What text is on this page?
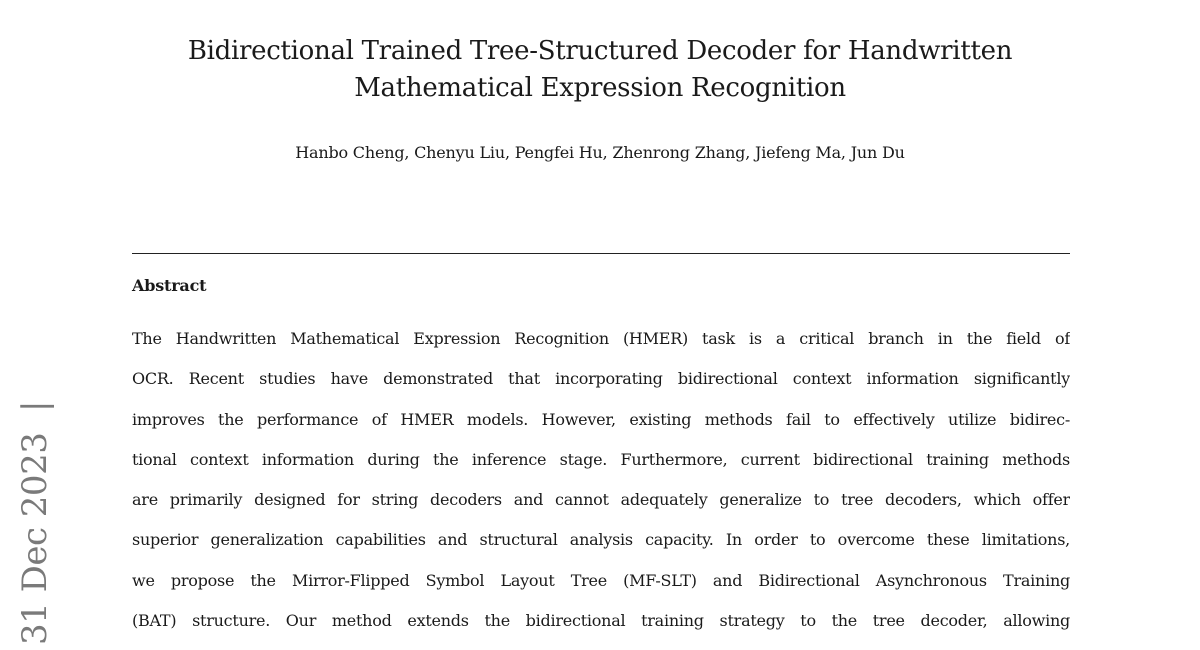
Bidirectional Trained Tree-Structured Decoder for Handwritten
Mathematical Expression Recognition
Hanbo Cheng, Chenyu Liu, Pengfei Hu, Zhenrong Zhang, Jiefeng Ma, Jun Du
Abstract
The Handwritten Mathematical Expression Recognition (HMER) task is a critical branch in the field of
OCR. Recent studies have demonstrated that incorporating bidirectional context information significantly
improves the performance of HMER models. However, existing methods fail to effectively utilize bidirec-
tional context information during the inference stage. Furthermore, current bidirectional training methods
are primarily designed for string decoders and cannot adequately generalize to tree decoders, which offer
superior generalization capabilities and structural analysis capacity. In order to overcome these limitations,
we propose the Mirror-Flipped Symbol Layout Tree (MF-SLT) and Bidirectional Asynchronous Training
(BAT) structure. Our method extends the bidirectional training strategy to the tree decoder, allowing
31 Dec 2023  |
